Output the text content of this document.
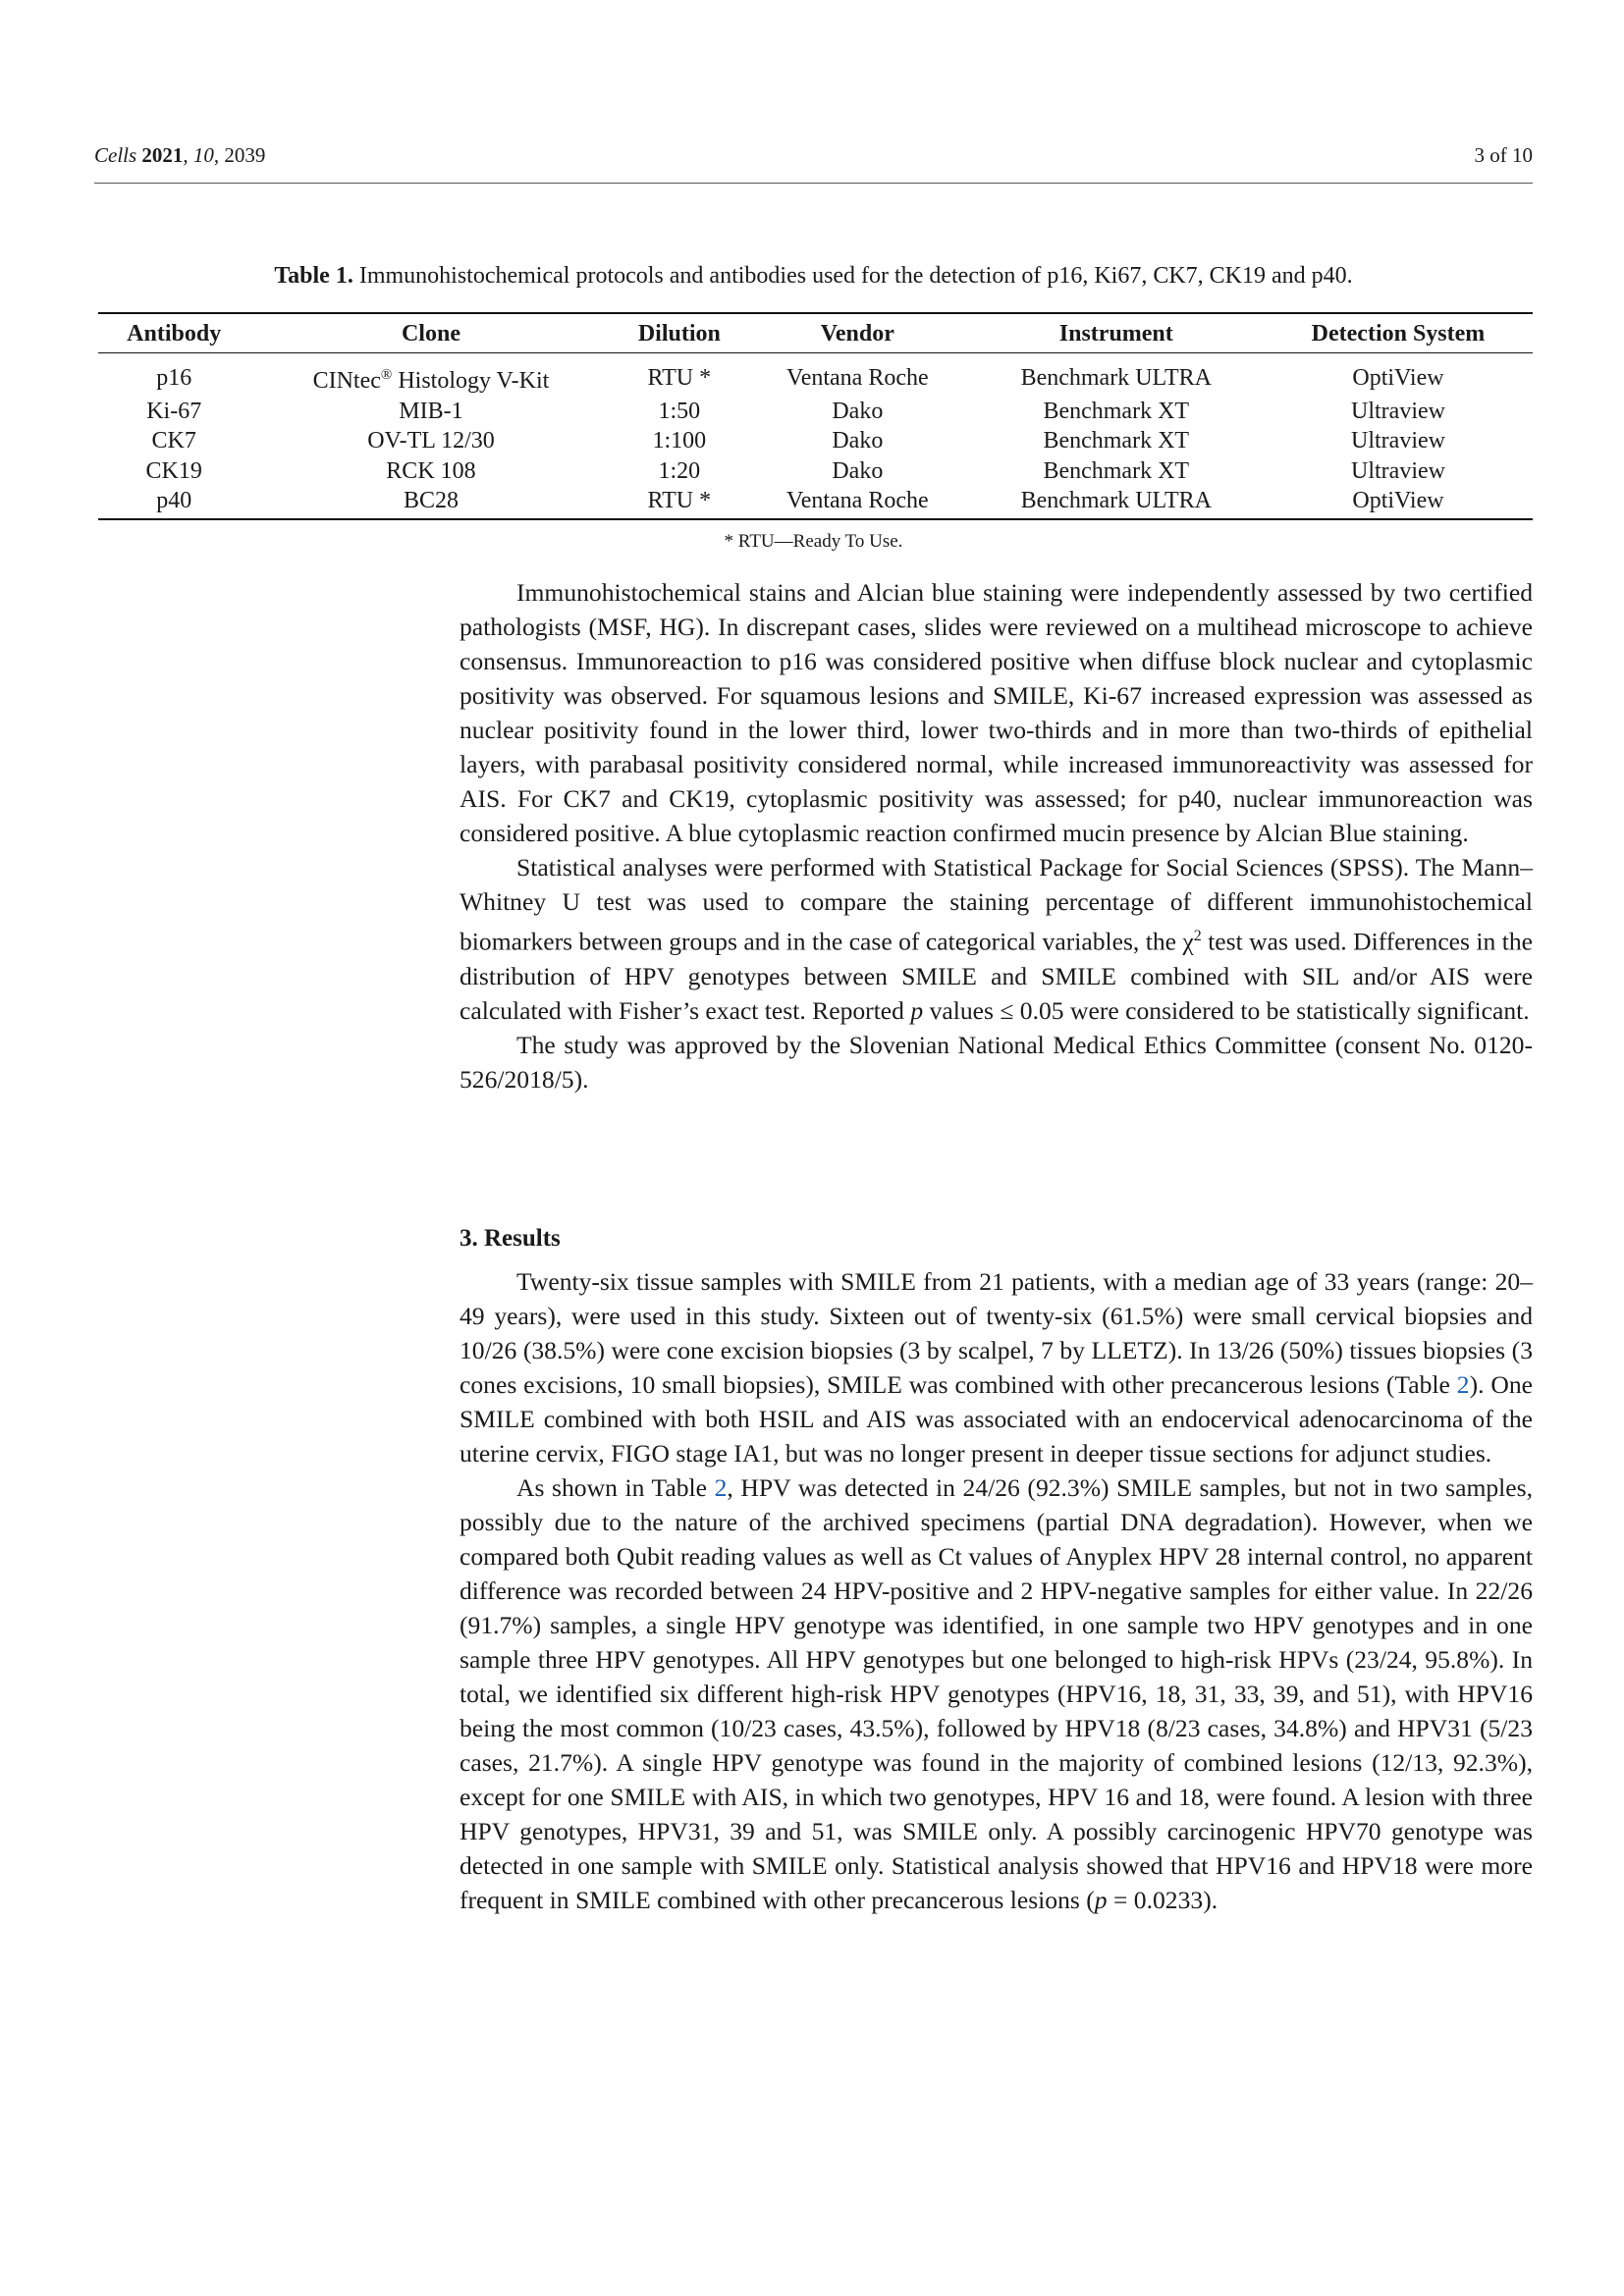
Cells 2021, 10, 2039	3 of 10
Table 1. Immunohistochemical protocols and antibodies used for the detection of p16, Ki67, CK7, CK19 and p40.
Antibody	Clone	Dilution	Vendor	Instrument	Detection System
p16	CINtec® Histology V-Kit	RTU *	Ventana Roche	Benchmark ULTRA	OptiView
Ki-67	MIB-1	1:50	Dako	Benchmark XT	Ultraview
CK7	OV-TL 12/30	1:100	Dako	Benchmark XT	Ultraview
CK19	RCK 108	1:20	Dako	Benchmark XT	Ultraview
p40	BC28	RTU *	Ventana Roche	Benchmark ULTRA	OptiView
* RTU—Ready To Use.

Immunohistochemical stains and Alcian blue staining were independently assessed by two certified pathologists (MSF, HG). In discrepant cases, slides were reviewed on a multihead microscope to achieve consensus. Immunoreaction to p16 was considered positive when diffuse block nuclear and cytoplasmic positivity was observed. For squamous lesions and SMILE, Ki-67 increased expression was assessed as nuclear positivity found in the lower third, lower two-thirds and in more than two-thirds of epithelial layers, with parabasal positivity considered normal, while increased immunoreactivity was assessed for AIS. For CK7 and CK19, cytoplasmic positivity was assessed; for p40, nuclear immunoreaction was considered positive. A blue cytoplasmic reaction confirmed mucin presence by Alcian Blue staining.

Statistical analyses were performed with Statistical Package for Social Sciences (SPSS). The Mann–Whitney U test was used to compare the staining percentage of different immunohistochemical biomarkers between groups and in the case of categorical variables, the $\chi^2$ test was used. Differences in the distribution of HPV genotypes between SMILE and SMILE combined with SIL and/or AIS were calculated with Fisher’s exact test. Reported p values ≤ 0.05 were considered to be statistically significant.

The study was approved by the Slovenian National Medical Ethics Committee (consent No. 0120-526/2018/5).

3. Results

Twenty-six tissue samples with SMILE from 21 patients, with a median age of 33 years (range: 20–49 years), were used in this study. Sixteen out of twenty-six (61.5%) were small cervical biopsies and 10/26 (38.5%) were cone excision biopsies (3 by scalpel, 7 by LLETZ). In 13/26 (50%) tissues biopsies (3 cones excisions, 10 small biopsies), SMILE was combined with other precancerous lesions (Table 2). One SMILE combined with both HSIL and AIS was associated with an endocervical adenocarcinoma of the uterine cervix, FIGO stage IA1, but was no longer present in deeper tissue sections for adjunct studies.

As shown in Table 2, HPV was detected in 24/26 (92.3%) SMILE samples, but not in two samples, possibly due to the nature of the archived specimens (partial DNA degradation). However, when we compared both Qubit reading values as well as Ct values of Anyplex HPV 28 internal control, no apparent difference was recorded between 24 HPV-positive and 2 HPV-negative samples for either value. In 22/26 (91.7%) samples, a single HPV genotype was identified, in one sample two HPV genotypes and in one sample three HPV genotypes. All HPV genotypes but one belonged to high-risk HPVs (23/24, 95.8%). In total, we identified six different high-risk HPV genotypes (HPV16, 18, 31, 33, 39, and 51), with HPV16 being the most common (10/23 cases, 43.5%), followed by HPV18 (8/23 cases, 34.8%) and HPV31 (5/23 cases, 21.7%). A single HPV genotype was found in the majority of combined lesions (12/13, 92.3%), except for one SMILE with AIS, in which two genotypes, HPV 16 and 18, were found. A lesion with three HPV genotypes, HPV31, 39 and 51, was SMILE only. A possibly carcinogenic HPV70 genotype was detected in one sample with SMILE only. Statistical analysis showed that HPV16 and HPV18 were more frequent in SMILE combined with other precancerous lesions (p = 0.0233).
